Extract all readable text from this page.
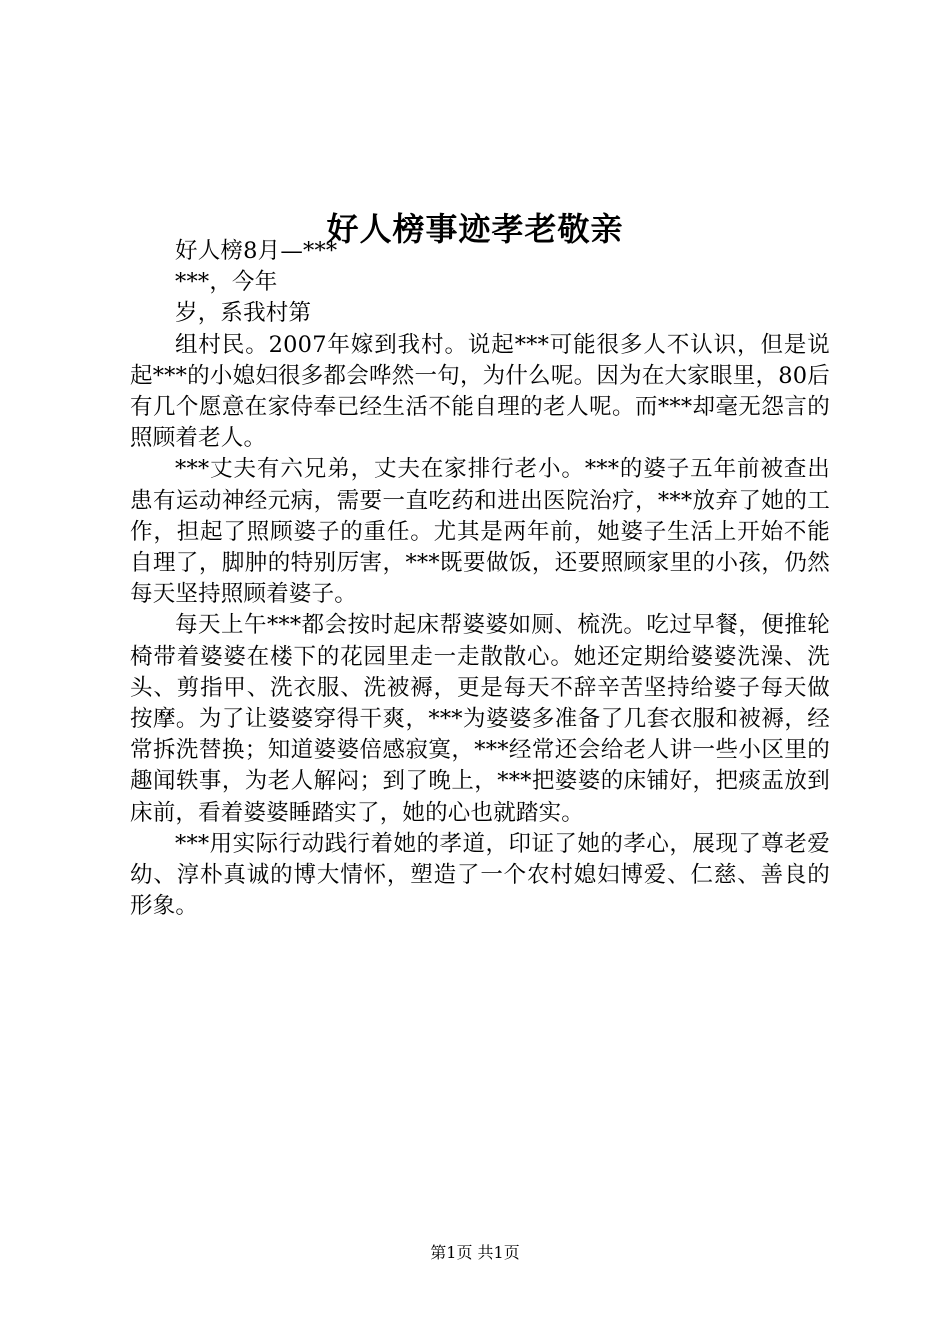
好人榜事迹孝老敬亲

好人榜8月—***

***，今年

岁，系我村第

组村民。2007年嫁到我村。说起***可能很多人不认识，但是说起***的小媳妇很多都会哗然一句，为什么呢。因为在大家眼里，80后有几个愿意在家侍奉已经生活不能自理的老人呢。而***却毫无怨言的照顾着老人。

***丈夫有六兄弟，丈夫在家排行老小。***的婆子五年前被查出患有运动神经元病，需要一直吃药和进出医院治疗，***放弃了她的工作，担起了照顾婆子的重任。尤其是两年前，她婆子生活上开始不能自理了，脚肿的特别厉害，***既要做饭，还要照顾家里的小孩，仍然每天坚持照顾着婆子。

每天上午***都会按时起床帮婆婆如厕、梳洗。吃过早餐，便推轮椅带着婆婆在楼下的花园里走一走散散心。她还定期给婆婆洗澡、洗头、剪指甲、洗衣服、洗被褥，更是每天不辞辛苦坚持给婆子每天做按摩。为了让婆婆穿得干爽，***为婆婆多准备了几套衣服和被褥，经常拆洗替换；知道婆婆倍感寂寞，***经常还会给老人讲一些小区里的趣闻轶事，为老人解闷；到了晚上，***把婆婆的床铺好，把痰盂放到床前，看着婆婆睡踏实了，她的心也就踏实。

***用实际行动践行着她的孝道，印证了她的孝心，展现了尊老爱幼、淳朴真诚的博大情怀，塑造了一个农村媳妇博爱、仁慈、善良的形象。

第1页 共1页
